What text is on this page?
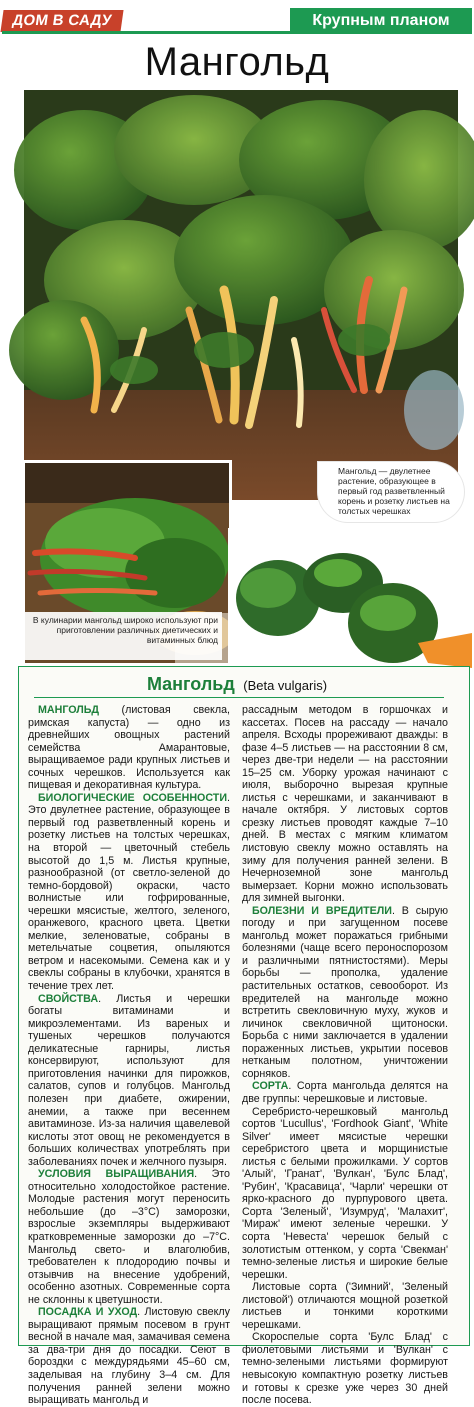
ДОМ В САДУ	Крупным планом
Мангольд
Мангольд — двулетнее растение, образующее в первый год разветвленный корень и розетку листьев на толстых черешках
В кулинарии мангольд широко используют при приготовлении различных диетических и витаминных блюд
Мангольд (Beta vulgaris)

МАНГОЛЬД (листовая свекла, римская капуста) — одно из древнейших овощных растений семейства Амарантовые, выращиваемое ради крупных листьев и сочных черешков. Используется как пищевая и декоративная культура.

БИОЛОГИЧЕСКИЕ ОСОБЕННОСТИ. Это двулетнее растение, образующее в первый год разветвленный корень и розетку листьев на толстых черешках, на второй — цветочный стебель высотой до 1,5 м. Листья крупные, разнообразной (от светло-зеленой до темно-бордовой) окраски, часто волнистые или гофрированные, черешки мясистые, желтого, зеленого, оранжевого, красного цвета. Цветки мелкие, зеленоватые, собраны в метельчатые соцветия, опыляются ветром и насекомыми. Семена как и у свеклы собраны в клубочки, хранятся в течение трех лет.

СВОЙСТВА. Листья и черешки богаты витаминами и микроэлементами. Из вареных и тушеных черешков получаются деликатесные гарниры, листья консервируют, используют для приготовления начинки для пирожков, салатов, супов и голубцов. Мангольд полезен при диабете, ожирении, анемии, а также при весеннем авитаминозе. Из-за наличия щавелевой кислоты этот овощ не рекомендуется в больших количествах употреблять при заболеваниях почек и желчного пузыря.

УСЛОВИЯ ВЫРАЩИВАНИЯ. Это относительно холодостойкое растение. Молодые растения могут переносить небольшие (до –3°С) заморозки, взрослые экземпляры выдерживают кратковременные заморозки до –7°С. Мангольд свето- и влаголюбив, требователен к плодородию почвы и отзывчив на внесение удобрений, особенно азотных. Современные сорта не склонны к цветушности.

ПОСАДКА И УХОД. Листовую свеклу выращивают прямым посевом в грунт весной в начале мая, замачивая семена за два-три дня до посадки. Сеют в бороздки с междурядьями 45–60 см, заделывая на глубину 3–4 см. Для получения ранней зелени можно выращивать мангольд и

рассадным методом в горшочках и кассетах. Посев на рассаду — начало апреля. Всходы прореживают дважды: в фазе 4–5 листьев — на расстоянии 8 см, через две-три недели — на расстоянии 15–25 см. Уборку урожая начинают с июля, выборочно вырезая крупные листья с черешками, и заканчивают в начале октября. У листовых сортов срезку листьев проводят каждые 7–10 дней. В местах с мягким климатом листовую свеклу можно оставлять на зиму для получения ранней зелени. В Нечерноземной зоне мангольд вымерзает. Корни можно использовать для зимней выгонки.

БОЛЕЗНИ И ВРЕДИТЕЛИ. В сырую погоду и при загущенном посеве мангольд может поражаться грибными болезнями (чаще всего пероноспорозом и различными пятнистостями). Меры борьбы — прополка, удаление растительных остатков, севооборот. Из вредителей на мангольде можно встретить свекловичную муху, жуков и личинок свекловичной щитоноски. Борьба с ними заключается в удалении пораженных листьев, укрытии посевов нетканым полотном, уничтожении сорняков.

СОРТА. Сорта мангольда делятся на две группы: черешковые и листовые.

Серебристо-черешковый мангольд сортов 'Lucullus', 'Fordhook Giant', 'White Silver' имеет мясистые черешки серебристого цвета и морщинистые листья с белыми прожилками. У сортов 'Алый', 'Гранат', 'Вулкан', 'Булс Блад', 'Рубин', 'Красавица', 'Чарли' черешки от ярко-красного до пурпурового цвета. Сорта 'Зеленый', 'Изумруд', 'Малахит', 'Мираж' имеют зеленые черешки. У сорта 'Невеста' черешок белый с золотистым оттенком, у сорта 'Свекман' темно-зеленые листья и широкие белые черешки.

Листовые сорта ('Зимний', 'Зеленый листовой') отличаются мощной розеткой листьев и тонкими короткими черешками.

Скороспелые сорта 'Булс Блад' с фиолетовыми листьями и 'Вулкан' с темно-зелеными листьями формируют невысокую компактную розетку листьев и готовы к срезке уже через 30 дней после посева.
